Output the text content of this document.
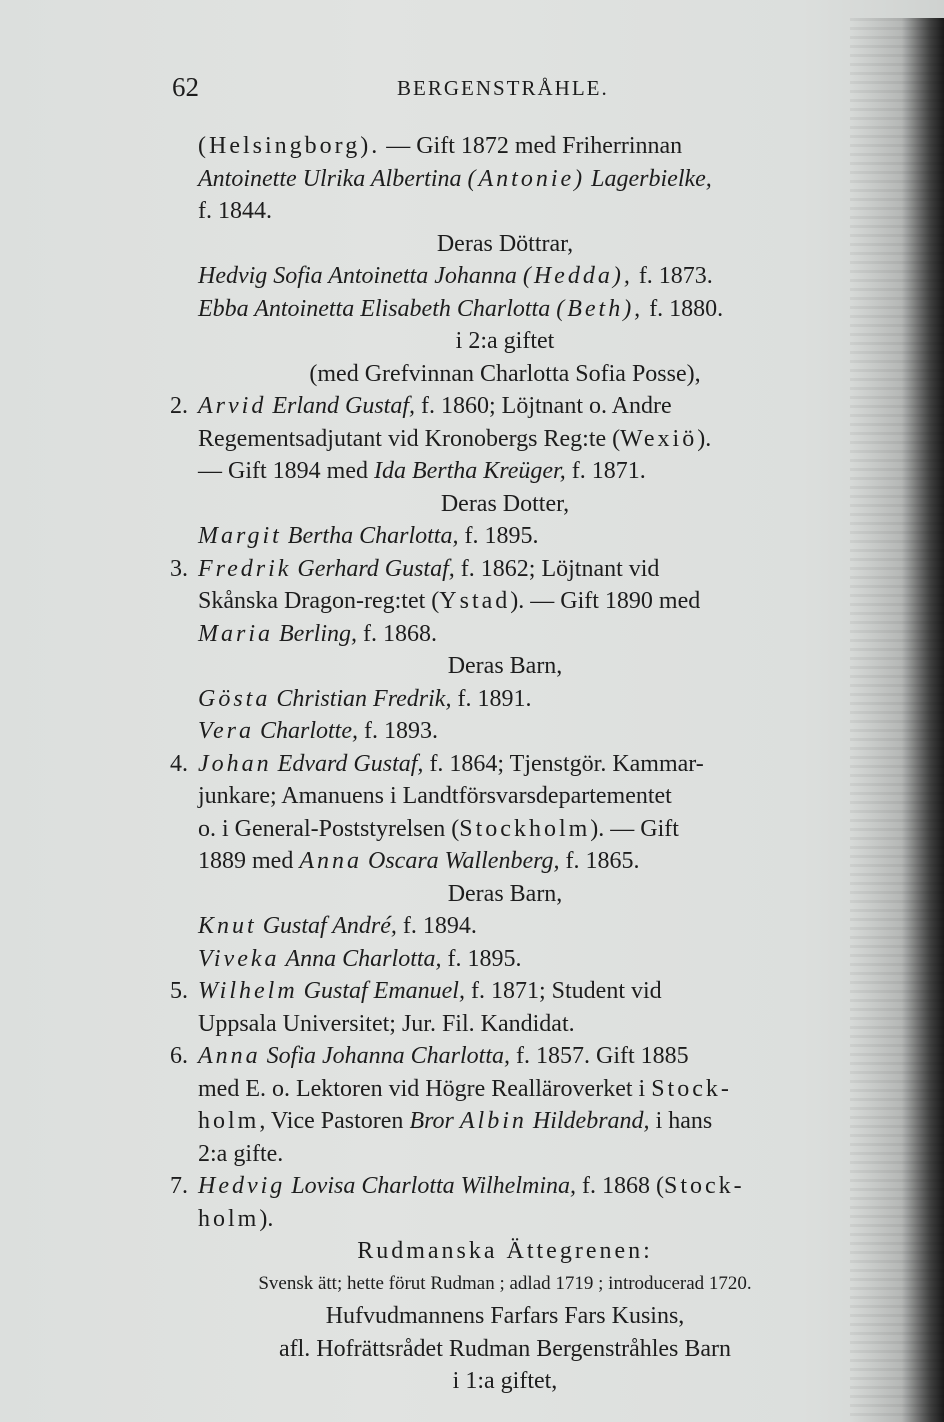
62	BERGENSTRÅHLE.
(Helsingborg). — Gift 1872 med Friherrinnan
Antoinette Ulrika Albertina (Antonie) Lagerbielke,
f. 1844.
Deras Döttrar,
Hedvig Sofia Antoinetta Johanna (Hedda), f. 1873.
Ebba Antoinetta Elisabeth Charlotta (Beth), f. 1880.
i 2:a giftet
(med Grefvinnan Charlotta Sofia Posse),
2. Arvid Erland Gustaf, f. 1860; Löjtnant o. Andre
Regementsadjutant vid Kronobergs Reg:te (Wexiö).
— Gift 1894 med Ida Bertha Kreüger, f. 1871.
Deras Dotter,
Margit Bertha Charlotta, f. 1895.
3. Fredrik Gerhard Gustaf, f. 1862; Löjtnant vid
Skånska Dragon-reg:tet (Ystad). — Gift 1890 med
Maria Berling, f. 1868.
Deras Barn,
Gösta Christian Fredrik, f. 1891.
Vera Charlotte, f. 1893.
4. Johan Edvard Gustaf, f. 1864; Tjenstgör. Kammar-
junkare; Amanuens i Landtförsvarsdepartementet
o. i General-Poststyrelsen (Stockholm). — Gift
1889 med Anna Oscara Wallenberg, f. 1865.
Deras Barn,
Knut Gustaf André, f. 1894.
Viveka Anna Charlotta, f. 1895.
5. Wilhelm Gustaf Emanuel, f. 1871; Student vid
Uppsala Universitet; Jur. Fil. Kandidat.
6. Anna Sofia Johanna Charlotta, f. 1857. Gift 1885
med E. o. Lektoren vid Högre Realläroverket i Stock-
holm, Vice Pastoren Bror Albin Hildebrand, i hans
2:a gifte.
7. Hedvig Lovisa Charlotta Wilhelmina, f. 1868 (Stock-
holm).
Rudmanska Ättegrenen:
Svensk ätt; hette förut Rudman ; adlad 1719 ; introducerad 1720.
Hufvudmannens Farfars Fars Kusins,
afl. Hofrättsrådet Rudman Bergenstråhles Barn
i 1:a giftet,
